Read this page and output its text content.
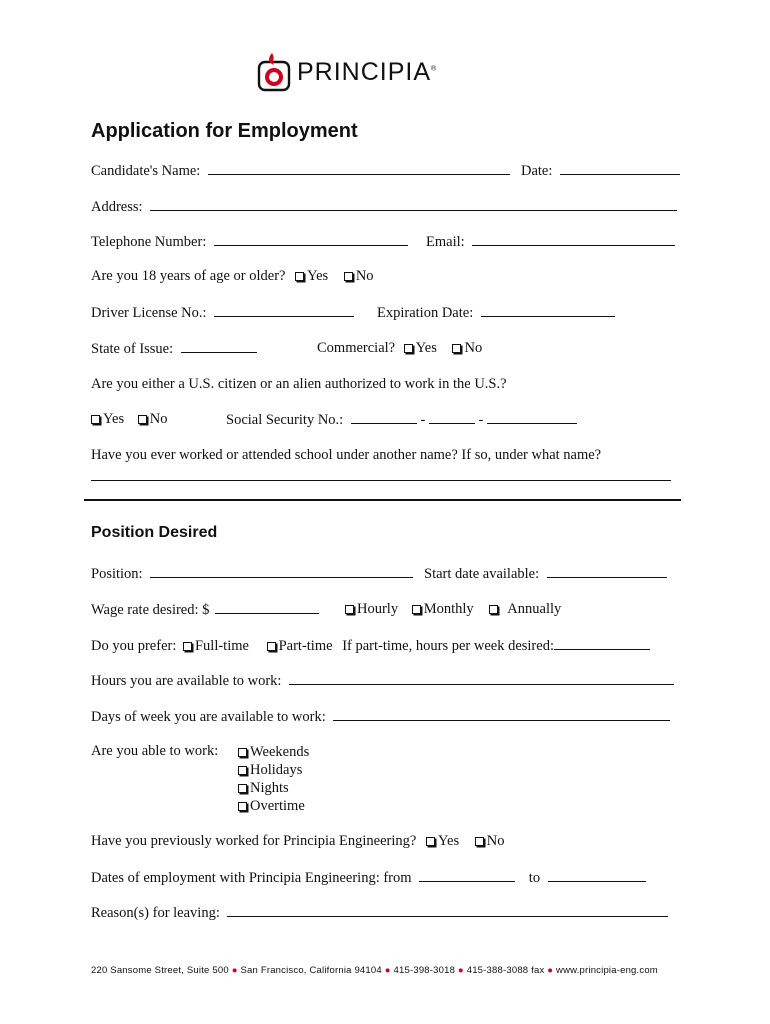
PRINCIPIA®
Application for Employment
Candidate's Name:	Date:
Address:
Telephone Number:	Email:
Are you 18 years of age or older? Yes No
Driver License No.:	Expiration Date:
State of Issue:	Commercial? Yes No
Are you either a U.S. citizen or an alien authorized to work in the U.S.?
Yes No	Social Security No.:	-	-
Have you ever worked or attended school under another name? If so, under what name?
Position Desired
Position:	Start date available:
Wage rate desired: $	Hourly Monthly Annually
Do you prefer: Full-time Part-time If part-time, hours per week desired:
Hours you are available to work:
Days of week you are available to work:
Are you able to work:	Weekends
Holidays
Nights
Overtime
Have you previously worked for Principia Engineering? Yes No
Dates of employment with Principia Engineering: from	to
Reason(s) for leaving:
220 Sansome Street, Suite 500 ● San Francisco, California 94104 ● 415-398-3018 ● 415-388-3088 fax ● www.principia-eng.com
